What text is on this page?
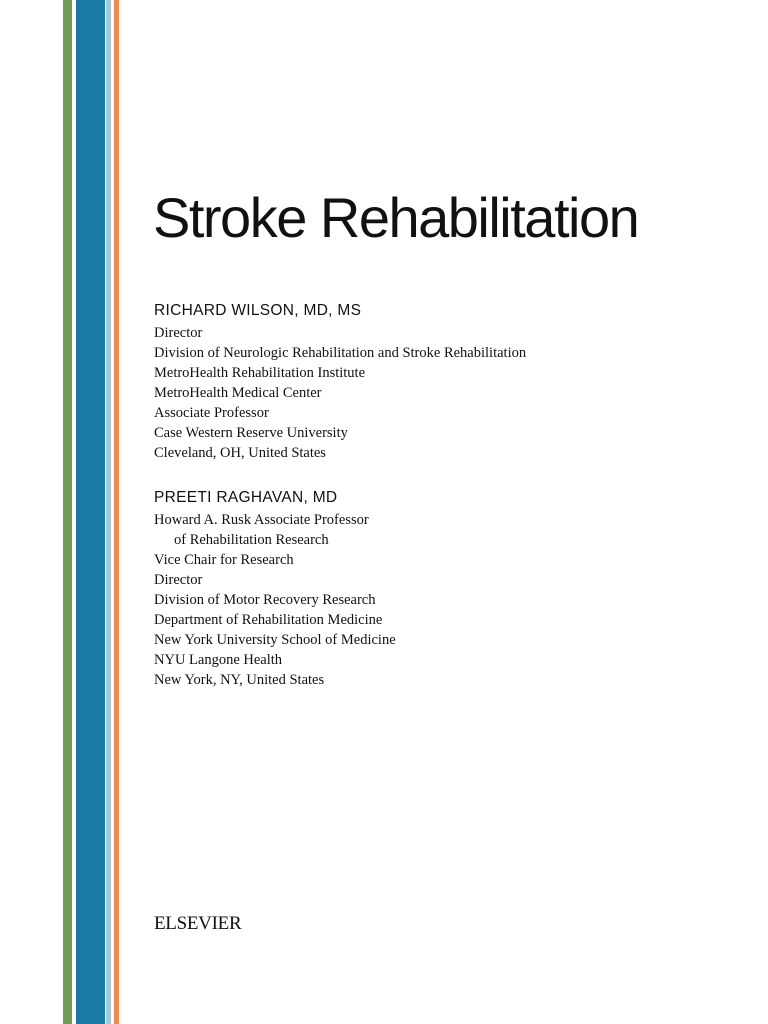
Stroke Rehabilitation
RICHARD WILSON, MD, MS
Director
Division of Neurologic Rehabilitation and Stroke Rehabilitation
MetroHealth Rehabilitation Institute
MetroHealth Medical Center
Associate Professor
Case Western Reserve University
Cleveland, OH, United States
PREETI RAGHAVAN, MD
Howard A. Rusk Associate Professor
of Rehabilitation Research
Vice Chair for Research
Director
Division of Motor Recovery Research
Department of Rehabilitation Medicine
New York University School of Medicine
NYU Langone Health
New York, NY, United States
ELSEVIER
